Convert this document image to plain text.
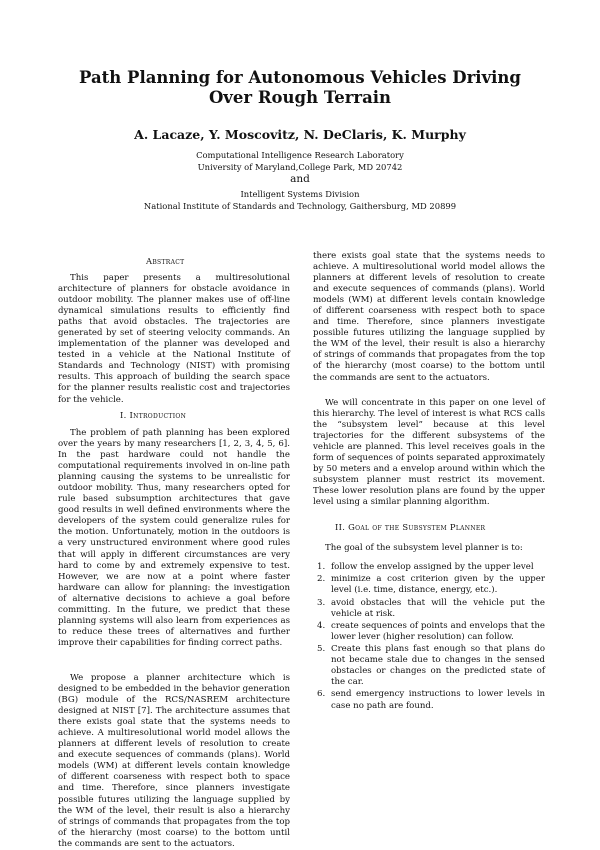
Path Planning for Autonomous Vehicles Driving
Over Rough Terrain
A. Lacaze, Y. Moscovitz, N. DeClaris, K. Murphy
Computational Intelligence Research Laboratory
University of Maryland,College Park, MD 20742
and
Intelligent Systems Division
National Institute of Standards and Technology, Gaithersburg, MD 20899
Abstract

This paper presents a multiresolutional architecture of planners for obstacle avoidance in outdoor mobility. The planner makes use of off-line dynamical simulations results to efficiently find paths that avoid obstacles. The trajectories are generated by set of steering velocity commands. An implementation of the planner was developed and tested in a vehicle at the National Institute of Standards and Technology (NIST) with promising results. This approach of building the search space for the planner results realistic cost and trajectories for the vehicle.

I. Introduction

The problem of path planning has been explored over the years by many researchers [1, 2, 3, 4, 5, 6]. In the past hardware could not handle the computational requirements involved in on-line path planning causing the systems to be unrealistic for outdoor mobility. Thus, many researchers opted for rule based subsumption architectures that gave good results in well defined environments where the developers of the system could generalize rules for the motion. Unfortunately, motion in the outdoors is a very unstructured environment where good rules that will apply in different circumstances are very hard to come by and extremely expensive to test. However, we are now at a point where faster hardware can allow for planning: the investigation of alternative decisions to achieve a goal before committing. In the future, we predict that these planning systems will also learn from experiences as to reduce these trees of alternatives and further improve their capabilities for finding correct paths.

We propose a planner architecture which is designed to be embedded in the behavior generation (BG) module of the RCS/NASREM architecture designed at NIST [7]. The architecture assumes that there exists goal state that the systems needs to achieve. A multiresolutional world model allows the planners at different levels of resolution to create and execute sequences of commands (plans). World models (WM) at different levels contain knowledge of different coarseness with respect both to space and time. Therefore, since planners investigate possible futures utilizing the language supplied by the WM of the level, their result is also a hierarchy of strings of commands that propagates from the top of the hierarchy (most coarse) to the bottom until the commands are sent to the actuators.

there exists goal state that the systems needs to achieve. A multiresolutional world model allows the planners at different levels of resolution to create and execute sequences of commands (plans). World models (WM) at different levels contain knowledge of different coarseness with respect both to space and time. Therefore, since planners investigate possible futures utilizing the language supplied by the WM of the level, their result is also a hierarchy of strings of commands that propagates from the top of the hierarchy (most coarse) to the bottom until the commands are sent to the actuators.

We will concentrate in this paper on one level of this hierarchy. The level of interest is what RCS calls the “subsystem level” because at this level trajectories for the different subsystems of the vehicle are planned. This level receives goals in the form of sequences of points separated approximately by 50 meters and a envelop around within which the subsystem planner must restrict its movement. These lower resolution plans are found by the upper level using a similar planning algorithm.

II. Goal of the Subsystem Planner

The goal of the subsystem level planner is to:

1. follow the envelop assigned by the upper level
2. minimize a cost criterion given by the upper level (i.e. time, distance, energy, etc.).
3. avoid obstacles that will the vehicle put the vehicle at risk.
4. create sequences of points and envelops that the lower lever (higher resolution) can follow.
5. Create this plans fast enough so that plans do not became stale due to changes in the sensed obstacles or changes on the predicted state of the car.
6. send emergency instructions to lower levels in case no path are found.
